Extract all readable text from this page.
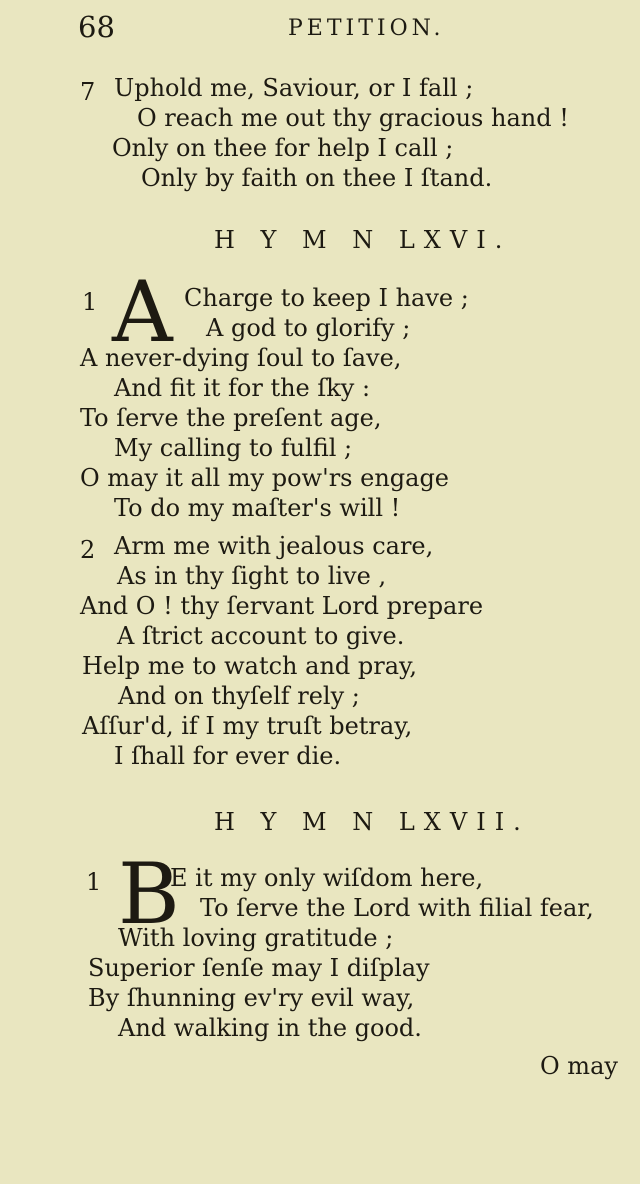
68	PETITION.
7 Uphold me, Saviour, or I fall ;
O reach me out thy gracious hand !
Only on thee for help I call ;
Only by faith on thee I ſtand.
H Y M N LXVI.
1 A Charge to keep I have ;
A god to glorify ;
A never-dying ſoul to ſave,
And fit it for the ſky :
To ſerve the preſent age,
My calling to fulfil ;
O may it all my pow'rs engage
To do my maſter's will !
2 Arm me with jealous care,
As in thy ſight to live ,
And O ! thy ſervant Lord prepare
A ſtrict account to give.
Help me to watch and pray,
And on thyſelf rely ;
Aſſur'd, if I my truſt betray,
I ſhall for ever die.
H Y M N LXVII.
1 B
E it my only wiſdom here,
To ſerve the Lord with filial fear,
With loving gratitude ;
Superior ſenſe may I diſplay
By ſhunning ev'ry evil way,
And walking in the good.
O may
